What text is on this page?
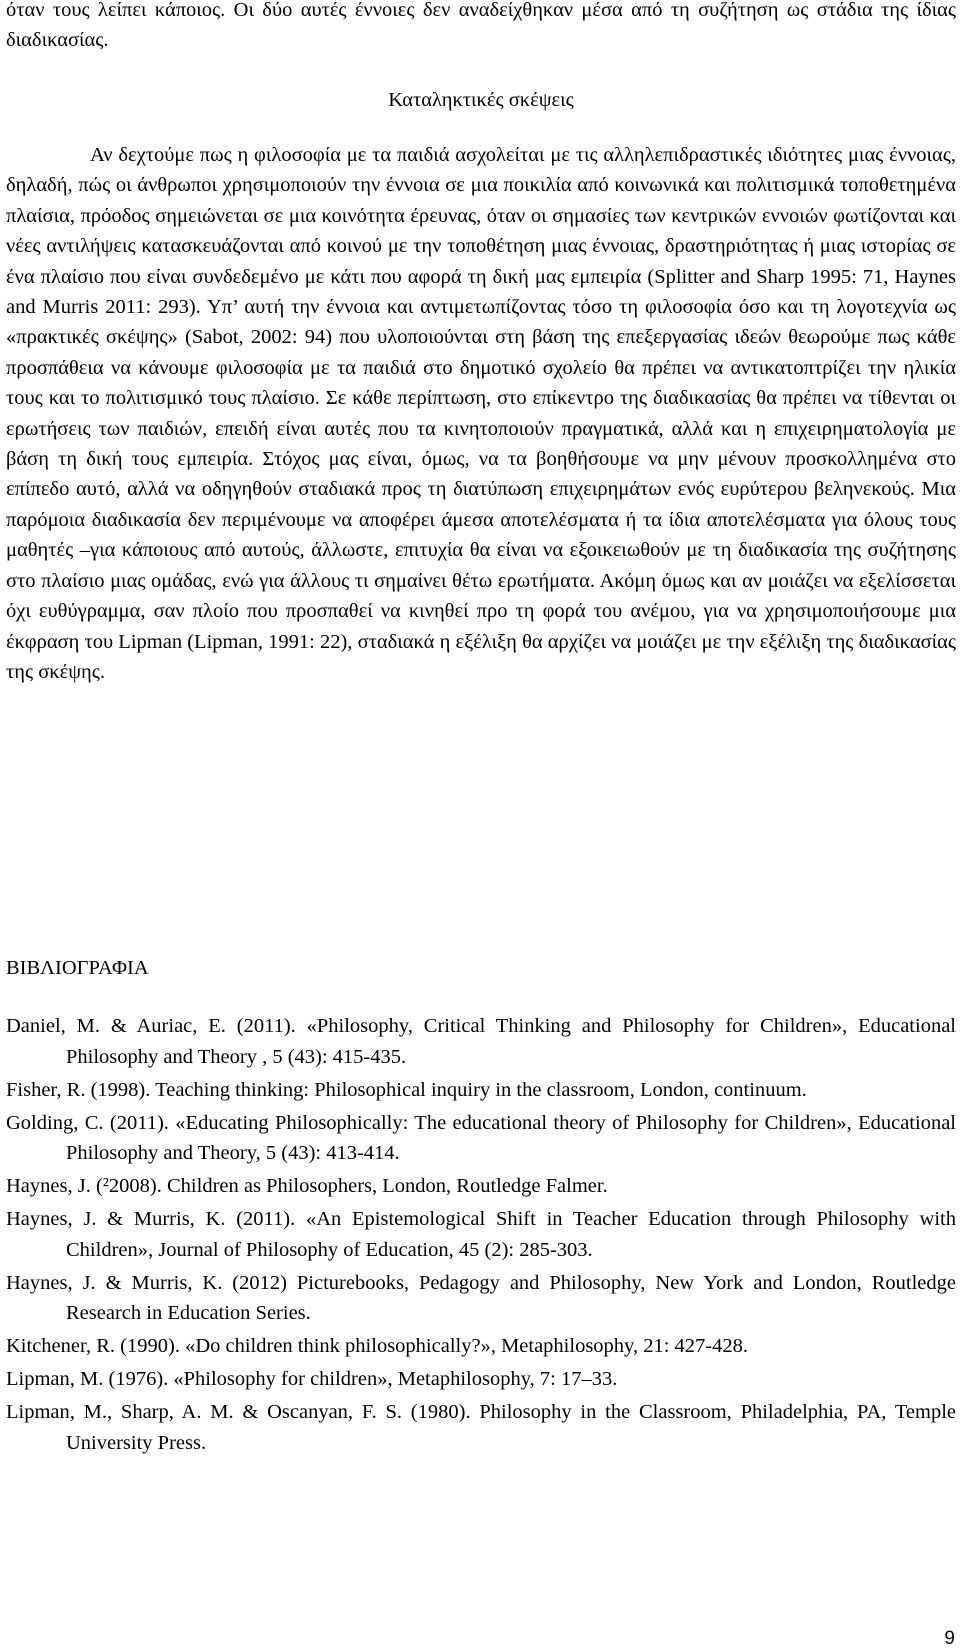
όταν τους λείπει κάποιος. Οι δύο αυτές έννοιες δεν αναδείχθηκαν μέσα από τη συζήτηση ως στάδια της ίδιας διαδικασίας.

Καταληκτικές σκέψεις

Αν δεχτούμε πως η φιλοσοφία με τα παιδιά ασχολείται με τις αλληλεπιδραστικές ιδιότητες μιας έννοιας, δηλαδή, πώς οι άνθρωποι χρησιμοποιούν την έννοια σε μια ποικιλία από κοινωνικά και πολιτισμικά τοποθετημένα πλαίσια, πρόοδος σημειώνεται σε μια κοινότητα έρευνας, όταν οι σημασίες των κεντρικών εννοιών φωτίζονται και νέες αντιλήψεις κατασκευάζονται από κοινού με την τοποθέτηση μιας έννοιας, δραστηριότητας ή μιας ιστορίας σε ένα πλαίσιο που είναι συνδεδεμένο με κάτι που αφορά τη δική μας εμπειρία (Splitter and Sharp 1995: 71, Haynes and Murris 2011: 293). Υπ’ αυτή την έννοια και αντιμετωπίζοντας τόσο τη φιλοσοφία όσο και τη λογοτεχνία ως «πρακτικές σκέψης» (Sabot, 2002: 94) που υλοποιούνται στη βάση της επεξεργασίας ιδεών θεωρούμε πως κάθε προσπάθεια να κάνουμε φιλοσοφία με τα παιδιά στο δημοτικό σχολείο θα πρέπει να αντικατοπτρίζει την ηλικία τους και το πολιτισμικό τους πλαίσιο. Σε κάθε περίπτωση, στο επίκεντρο της διαδικασίας θα πρέπει να τίθενται οι ερωτήσεις των παιδιών, επειδή είναι αυτές που τα κινητοποιούν πραγματικά, αλλά και η επιχειρηματολογία με βάση τη δική τους εμπειρία. Στόχος μας είναι, όμως, να τα βοηθήσουμε να μην μένουν προσκολλημένα στο επίπεδο αυτό, αλλά να οδηγηθούν σταδιακά προς τη διατύπωση επιχειρημάτων ενός ευρύτερου βεληνεκούς. Μια παρόμοια διαδικασία δεν περιμένουμε να αποφέρει άμεσα αποτελέσματα ή τα ίδια αποτελέσματα για όλους τους μαθητές –για κάποιους από αυτούς, άλλωστε, επιτυχία θα είναι να εξοικειωθούν με τη διαδικασία της συζήτησης στο πλαίσιο μιας ομάδας, ενώ για άλλους τι σημαίνει θέτω ερωτήματα. Ακόμη όμως και αν μοιάζει να εξελίσσεται όχι ευθύγραμμα, σαν πλοίο που προσπαθεί να κινηθεί προ τη φορά του ανέμου, για να χρησιμοποιήσουμε μια έκφραση του Lipman (Lipman, 1991: 22), σταδιακά η εξέλιξη θα αρχίζει να μοιάζει με την εξέλιξη της διαδικασίας της σκέψης.

ΒΙΒΛΙΟΓΡΑΦΙΑ
Daniel, M. & Auriac, E. (2011). «Philosophy, Critical Thinking and Philosophy for Children», Educational Philosophy and Theory , 5 (43): 415-435.
Fisher, R. (1998). Teaching thinking: Philosophical inquiry in the classroom, London, continuum.
Golding, C. (2011). «Educating Philosophically: The educational theory of Philosophy for Children», Educational Philosophy and Theory, 5 (43): 413-414.
Haynes, J. (²2008). Children as Philosophers, London, Routledge Falmer.
Haynes, J. & Murris, K. (2011). «An Epistemological Shift in Teacher Education through Philosophy with Children», Journal of Philosophy of Education, 45 (2): 285-303.
Haynes, J. & Murris, K. (2012) Picturebooks, Pedagogy and Philosophy, New York and London, Routledge Research in Education Series.
Kitchener, R. (1990). «Do children think philosophically?», Metaphilosophy, 21: 427-428.
Lipman, M. (1976). «Philosophy for children», Metaphilosophy, 7: 17–33.
Lipman, M., Sharp, A. M. & Oscanyan, F. S. (1980). Philosophy in the Classroom, Philadelphia, PA, Temple University Press.
9
